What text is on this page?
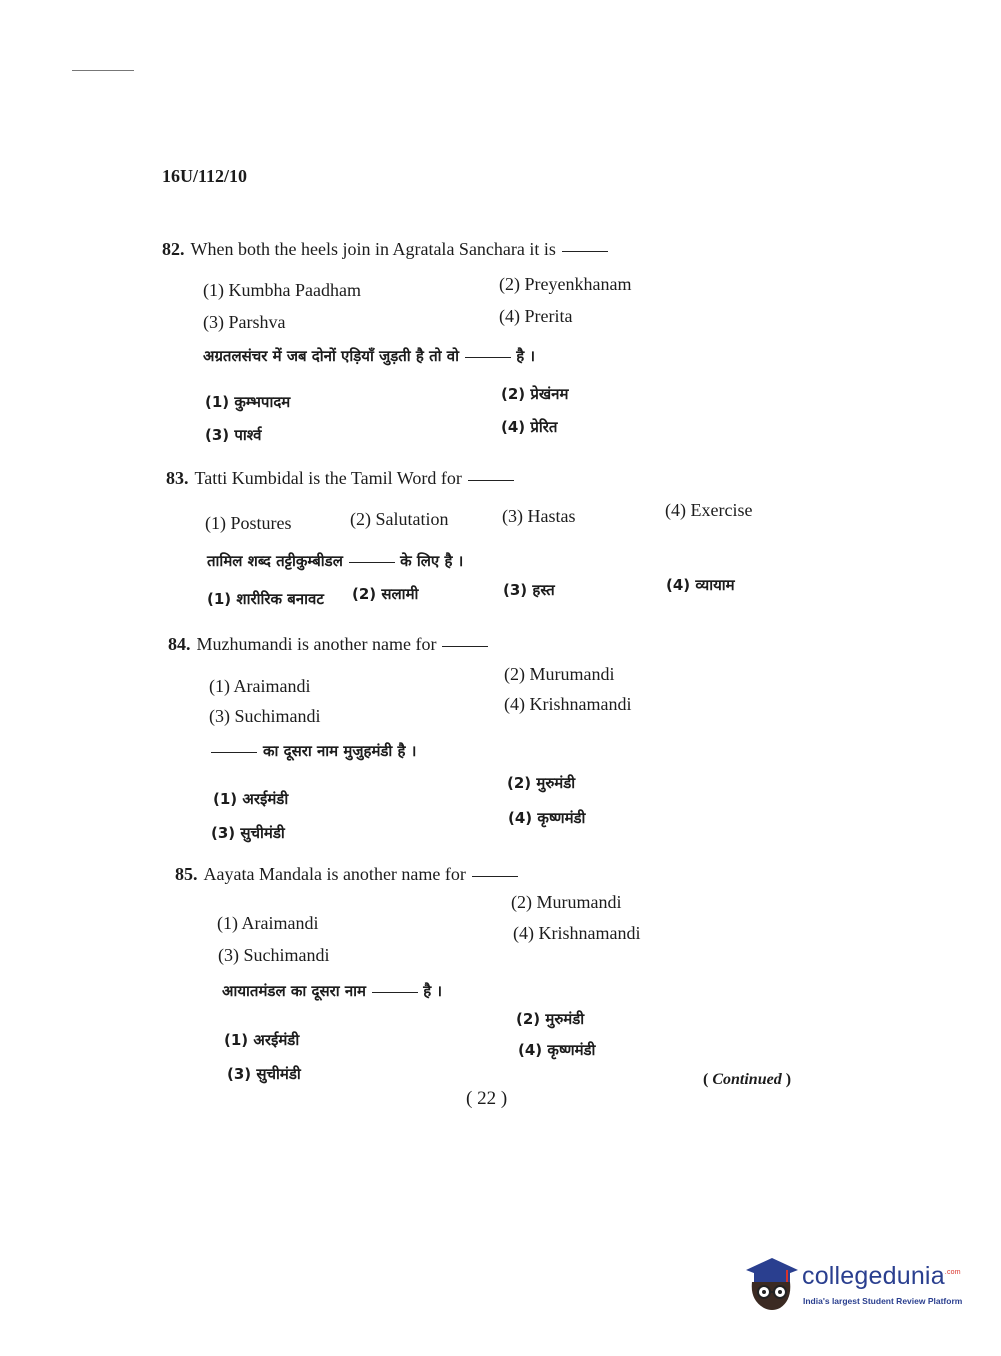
16U/112/10
82. When both the heels join in Agratala Sanchara it is
(1) Kumbha Paadham	(2) Preyenkhanam
(3) Parshva	(4) Prerita
अग्रतलसंचर में जब दोनों एड़ियाँ जुड़ती है तो वो	है ।
(1) कुम्भपादम	(2) प्रेखंनम
(3) पार्श्व	(4) प्रेरित
83. Tatti Kumbidal is the Tamil Word for
(1) Postures	(2) Salutation	(3) Hastas	(4) Exercise
तामिल शब्द तट्टीकुम्बीडल	के लिए है ।
(1) शारीरिक बनावट (2) सलामी	(3) हस्त	(4) व्यायाम
84. Muzhumandi is another name for
(1) Araimandi
(2) Murumandi
(3) Suchimandi
(4) Krishnamandi
का दूसरा नाम मुजुहमंडी है ।
(1) अरईमंडी
(2) मुरुमंडी
(3) सुचीमंडी
(4) कृष्णमंडी
85. Aayata Mandala is another name for
(1) Araimandi
(2) Murumandi
(3) Suchimandi
(4) Krishnamandi
आयातमंडल का दूसरा नाम	है ।
(1) अरईमंडी
(2) मुरुमंडी
(3) सुचीमंडी
(4) कृष्णमंडी
( Continued )
( 22 )
collegedunia$^{.com}$
India's largest Student Review Platform
